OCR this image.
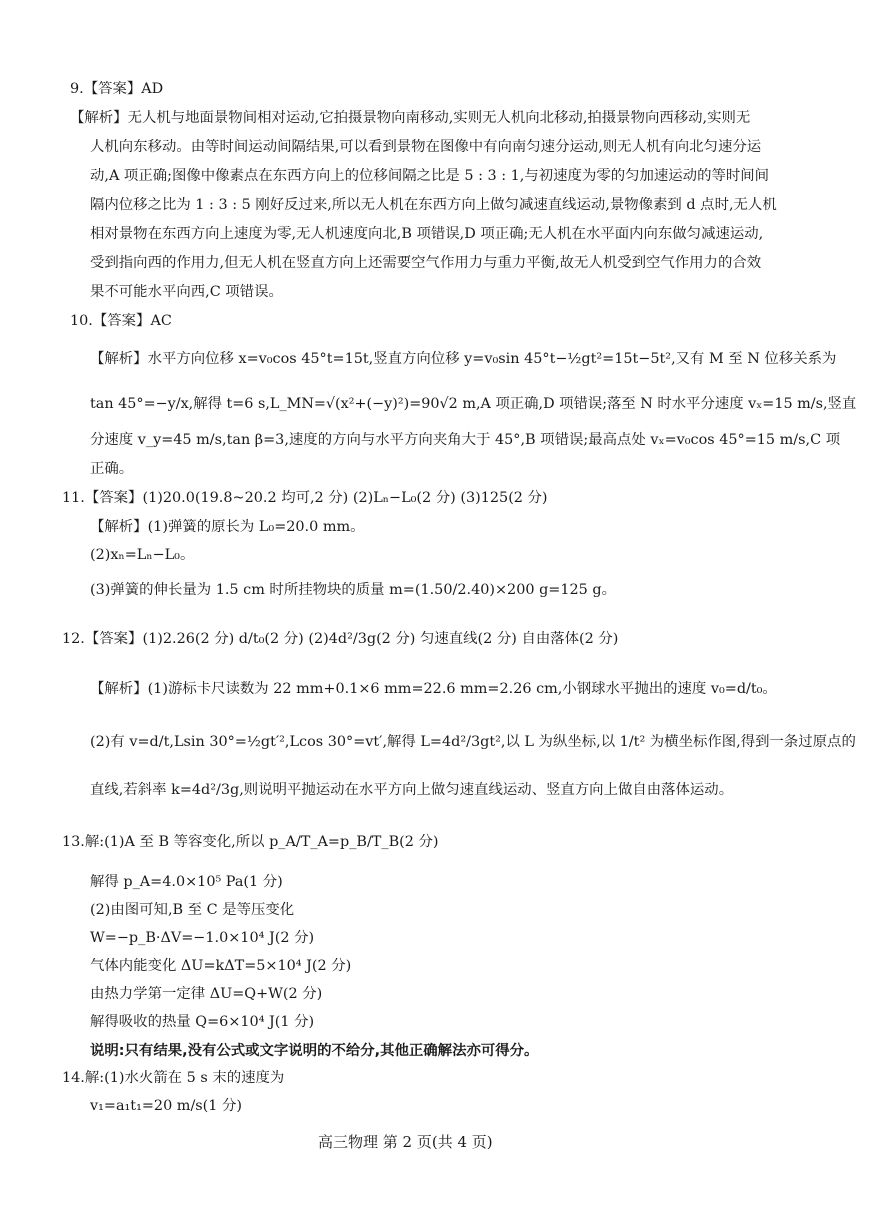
9.【答案】AD
【解析】无人机与地面景物间相对运动,它拍摄景物向南移动,实则无人机向北移动,拍摄景物向西移动,实则无
人机向东移动。由等时间运动间隔结果,可以看到景物在图像中有向南匀速分运动,则无人机有向北匀速分运
动,A 项正确;图像中像素点在东西方向上的位移间隔之比是 5 : 3 : 1,与初速度为零的匀加速运动的等时间间
隔内位移之比为 1 : 3 : 5 刚好反过来,所以无人机在东西方向上做匀减速直线运动,景物像素到 d 点时,无人机
相对景物在东西方向上速度为零,无人机速度向北,B 项错误,D 项正确;无人机在水平面内向东做匀减速运动,
受到指向西的作用力,但无人机在竖直方向上还需要空气作用力与重力平衡,故无人机受到空气作用力的合效
果不可能水平向西,C 项错误。
10.【答案】AC
【解析】水平方向位移 x=v₀cos 45°t=15t,竖直方向位移 y=v₀sin 45°t−½gt²=15t−5t²,又有 M 至 N 位移关系为
tan 45°=−y/x,解得 t=6 s,L_MN=√(x²+(−y)²)=90√2 m,A 项正确,D 项错误;落至 N 时水平分速度 vₓ=15 m/s,竖直
分速度 v_y=45 m/s,tan β=3,速度的方向与水平方向夹角大于 45°,B 项错误;最高点处 vₓ=v₀cos 45°=15 m/s,C 项
正确。
11.【答案】(1)20.0(19.8~20.2 均可,2 分) (2)Lₙ−L₀(2 分) (3)125(2 分)
【解析】(1)弹簧的原长为 L₀=20.0 mm。
(2)xₙ=Lₙ−L₀。
(3)弹簧的伸长量为 1.5 cm 时所挂物块的质量 m=(1.50/2.40)×200 g=125 g。
12.【答案】(1)2.26(2 分) d/t₀(2 分) (2)4d²/3g(2 分) 匀速直线(2 分) 自由落体(2 分)
【解析】(1)游标卡尺读数为 22 mm+0.1×6 mm=22.6 mm=2.26 cm,小钢球水平抛出的速度 v₀=d/t₀。
(2)有 v=d/t,Lsin 30°=½gt′²,Lcos 30°=vt′,解得 L=4d²/3gt²,以 L 为纵坐标,以 1/t² 为横坐标作图,得到一条过原点的
直线,若斜率 k=4d²/3g,则说明平抛运动在水平方向上做匀速直线运动、竖直方向上做自由落体运动。
13.解:(1)A 至 B 等容变化,所以 p_A/T_A=p_B/T_B(2 分)
解得 p_A=4.0×10⁵ Pa(1 分)
(2)由图可知,B 至 C 是等压变化
W=−p_B·ΔV=−1.0×10⁴ J(2 分)
气体内能变化 ΔU=kΔT=5×10⁴ J(2 分)
由热力学第一定律 ΔU=Q+W(2 分)
解得吸收的热量 Q=6×10⁴ J(1 分)
说明:只有结果,没有公式或文字说明的不给分,其他正确解法亦可得分。
14.解:(1)水火箭在 5 s 末的速度为
v₁=a₁t₁=20 m/s(1 分)
高三物理 第 2 页(共 4 页)
